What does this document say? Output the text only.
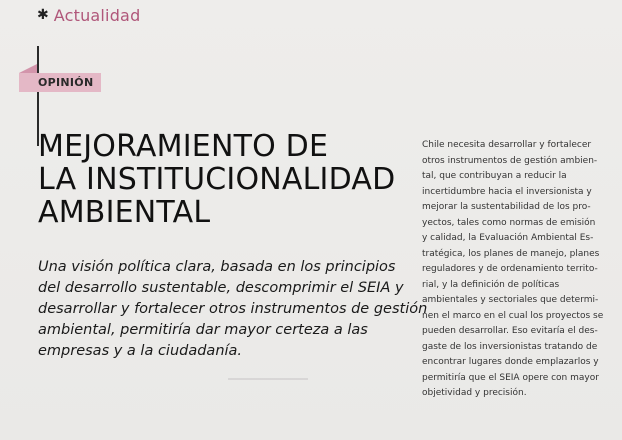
✱ Actualidad
OPINIÓN
MEJORAMIENTO DE
LA INSTITUCIONALIDAD
AMBIENTAL

Una visión política clara, basada en los principios
del desarrollo sustentable, descomprimir el SEIA y
desarrollar y fortalecer otros instrumentos de gestión
ambiental, permitiría dar mayor certeza a las
empresas y a la ciudadanía.

Chile necesita desarrollar y fortalecer
otros instrumentos de gestión ambien-
tal, que contribuyan a reducir la
incertidumbre hacia el inversionista y
mejorar la sustentabilidad de los pro-
yectos, tales como normas de emisión
y calidad, la Evaluación Ambiental Es-
tratégica, los planes de manejo, planes
reguladores y de ordenamiento territo-
rial, y la definición de políticas
ambientales y sectoriales que determi-
nen el marco en el cual los proyectos se
pueden desarrollar. Eso evitaría el des-
gaste de los inversionistas tratando de
encontrar lugares donde emplazarlos y
permitiría que el SEIA opere con mayor
objetividad y precisión.
